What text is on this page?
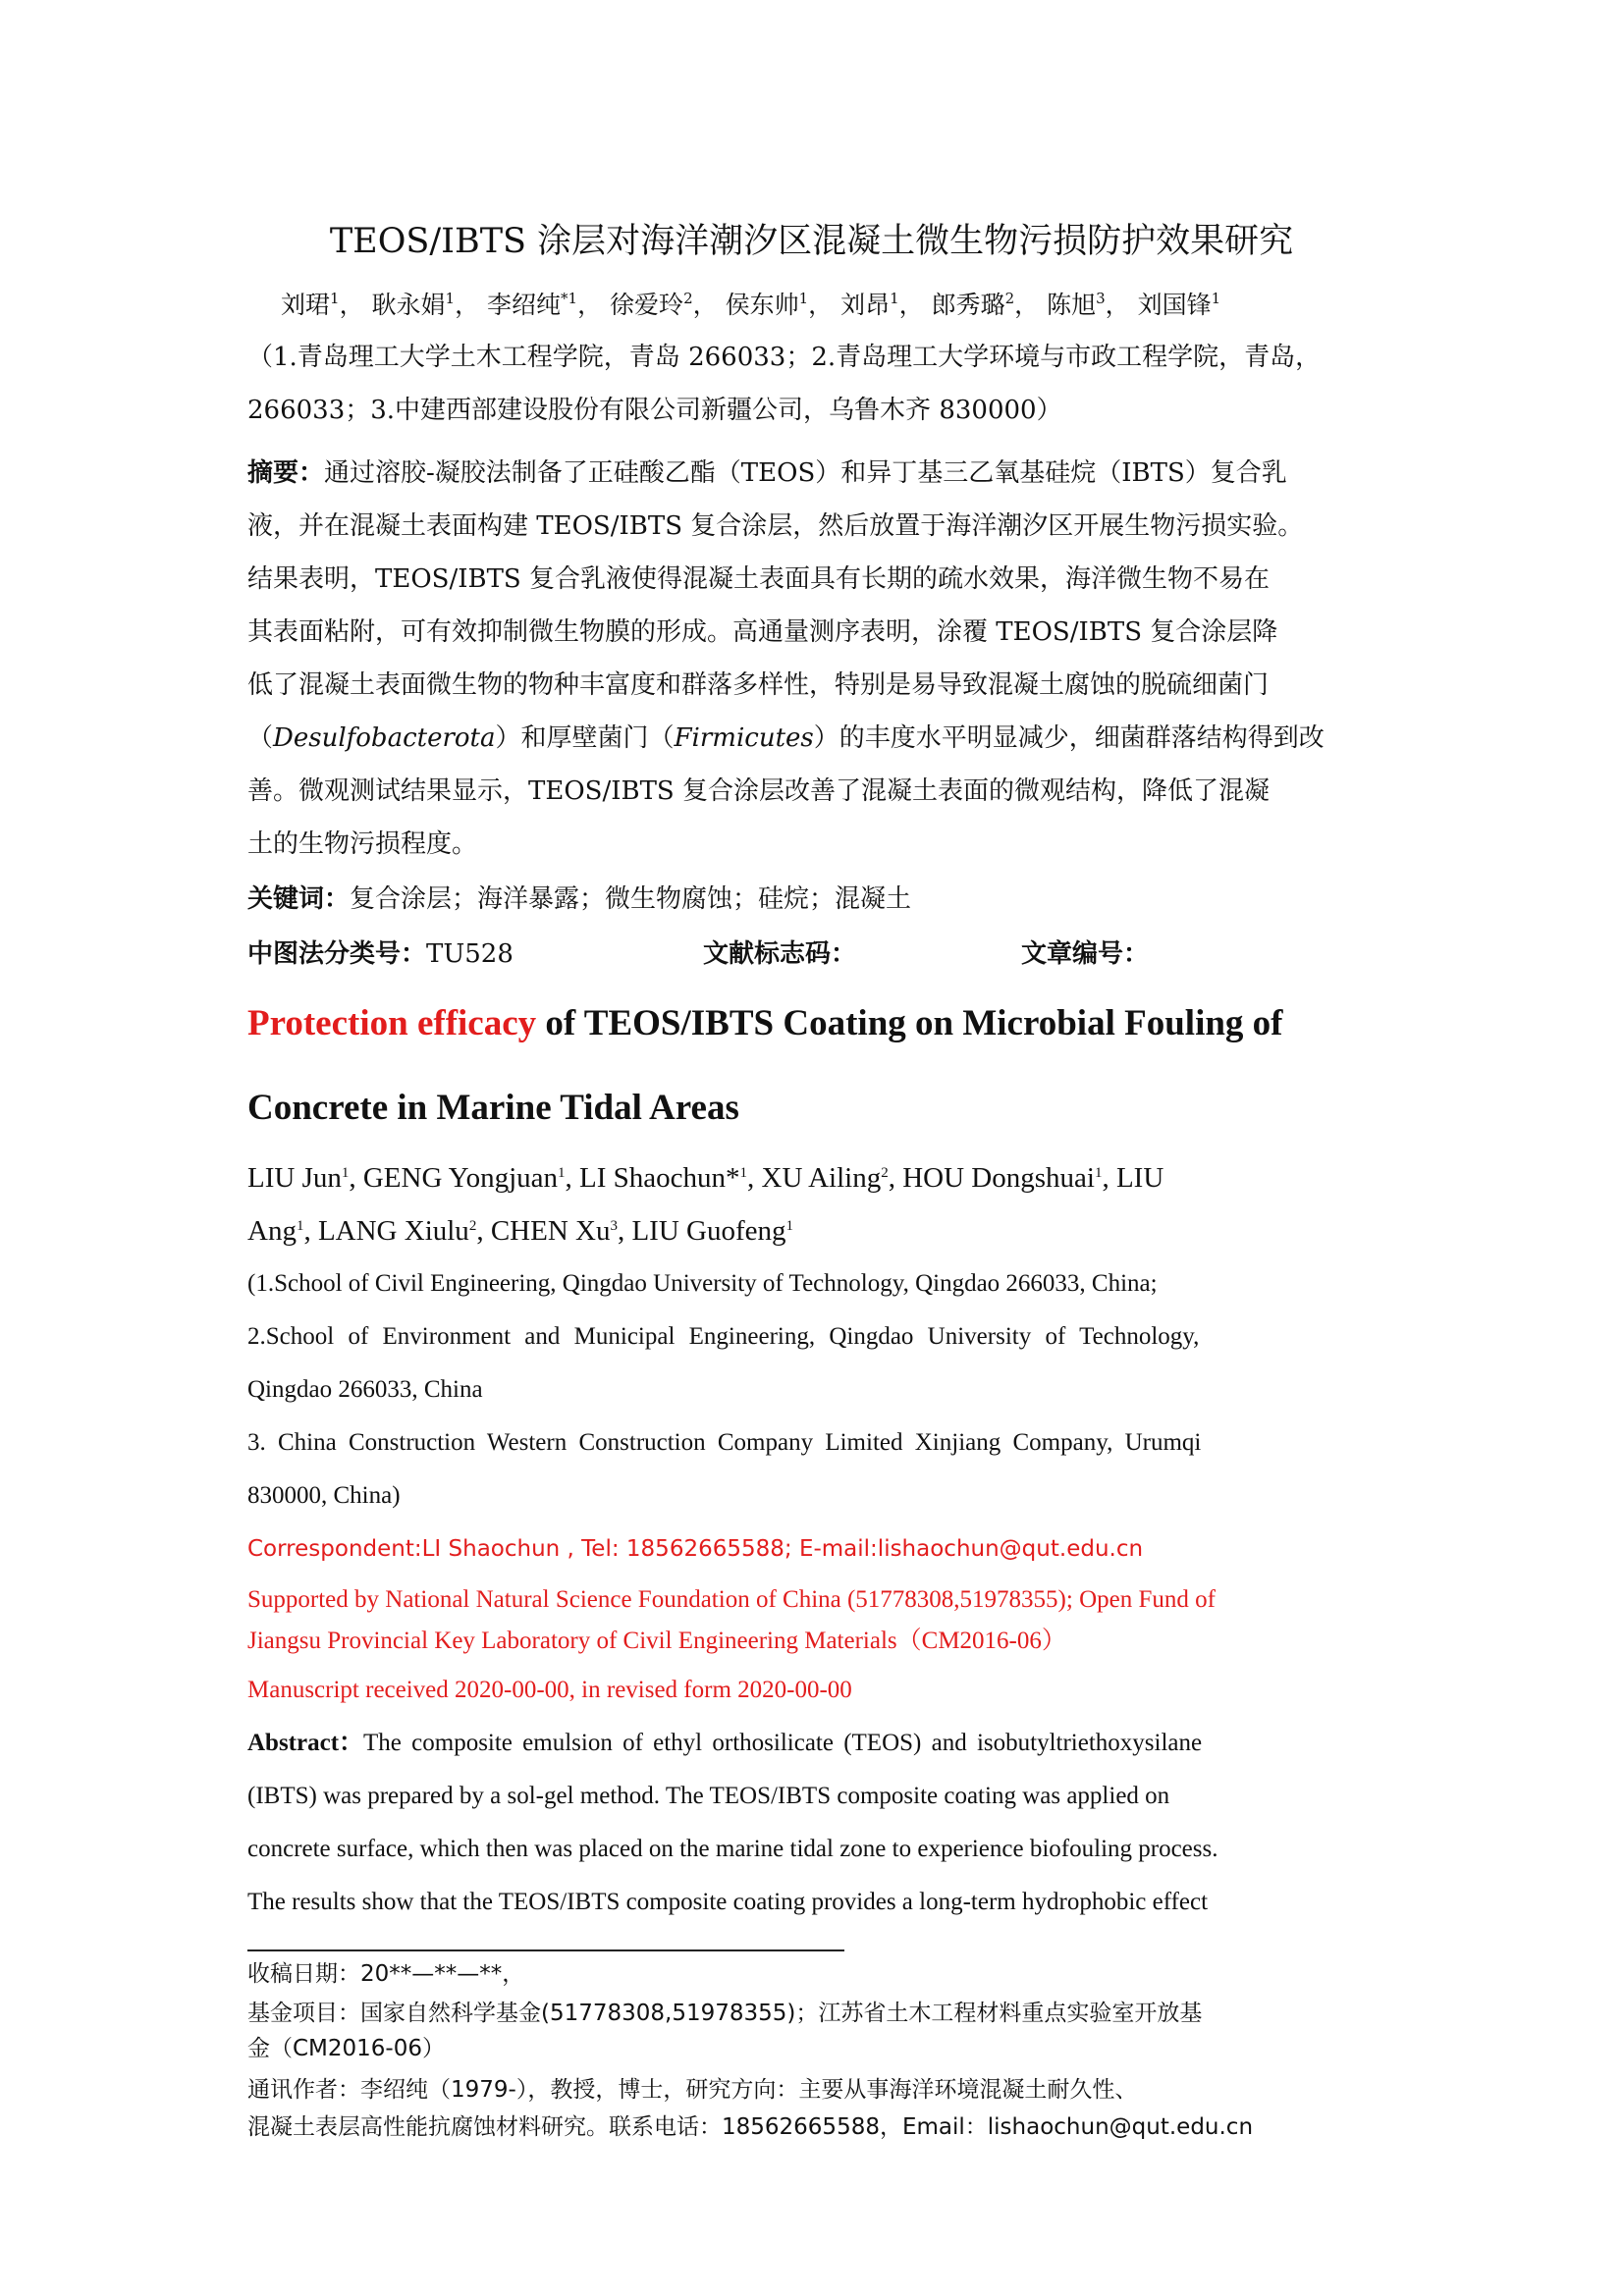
TEOS/IBTS 涂层对海洋潮汐区混凝土微生物污损防护效果研究
刘珺$^1$， 耿永娟$^1$， 李绍纯$^{*1}$， 徐爱玲$^2$， 侯东帅$^1$， 刘昂$^1$， 郎秀璐$^2$， 陈旭$^3$， 刘国锋$^1$
（1.青岛理工大学土木工程学院，青岛 266033；2.青岛理工大学环境与市政工程学院，青岛，
266033；3.中建西部建设股份有限公司新疆公司，乌鲁木齐 830000）
摘要：通过溶胶-凝胶法制备了正硅酸乙酯（TEOS）和异丁基三乙氧基硅烷（IBTS）复合乳
液，并在混凝土表面构建 TEOS/IBTS 复合涂层，然后放置于海洋潮汐区开展生物污损实验。
结果表明，TEOS/IBTS 复合乳液使得混凝土表面具有长期的疏水效果，海洋微生物不易在
其表面粘附，可有效抑制微生物膜的形成。高通量测序表明，涂覆 TEOS/IBTS 复合涂层降
低了混凝土表面微生物的物种丰富度和群落多样性，特别是易导致混凝土腐蚀的脱硫细菌门
（Desulfobacterota）和厚壁菌门（Firmicutes）的丰度水平明显减少，细菌群落结构得到改
善。微观测试结果显示，TEOS/IBTS 复合涂层改善了混凝土表面的微观结构，降低了混凝
土的生物污损程度。
关键词：复合涂层；海洋暴露；微生物腐蚀；硅烷；混凝土
中图法分类号：TU528	文献标志码：	文章编号：
Protection efficacy of TEOS/IBTS Coating on Microbial Fouling of
Concrete in Marine Tidal Areas
LIU Jun$^1$, GENG Yongjuan$^1$, LI Shaochun*$^1$, XU Ailing$^2$, HOU Dongshuai$^1$, LIU
Ang$^1$, LANG Xiulu$^2$, CHEN Xu$^3$, LIU Guofeng$^1$
(1.School of Civil Engineering, Qingdao University of Technology, Qingdao 266033, China;
2.School of Environment and Municipal Engineering, Qingdao University of Technology,
Qingdao 266033, China
3. China Construction Western Construction Company Limited Xinjiang Company, Urumqi
830000, China)
Correspondent:LI Shaochun , Tel: 18562665588; E-mail:lishaochun@qut.edu.cn
Supported by National Natural Science Foundation of China (51778308,51978355); Open Fund of
Jiangsu Provincial Key Laboratory of Civil Engineering Materials（CM2016-06）
Manuscript received 2020-00-00, in revised form 2020-00-00
Abstract：The composite emulsion of ethyl orthosilicate (TEOS) and isobutyltriethoxysilane
(IBTS) was prepared by a sol-gel method. The TEOS/IBTS composite coating was applied on
concrete surface, which then was placed on the marine tidal zone to experience biofouling process.
The results show that the TEOS/IBTS composite coating provides a long-term hydrophobic effect
收稿日期：20**—**—**，
基金项目：国家自然科学基金(51778308,51978355)；江苏省土木工程材料重点实验室开放基
金（CM2016-06）
通讯作者：李绍纯（1979-），教授，博士，研究方向：主要从事海洋环境混凝土耐久性、
混凝土表层高性能抗腐蚀材料研究。联系电话：18562665588，Email：lishaochun@qut.edu.cn
